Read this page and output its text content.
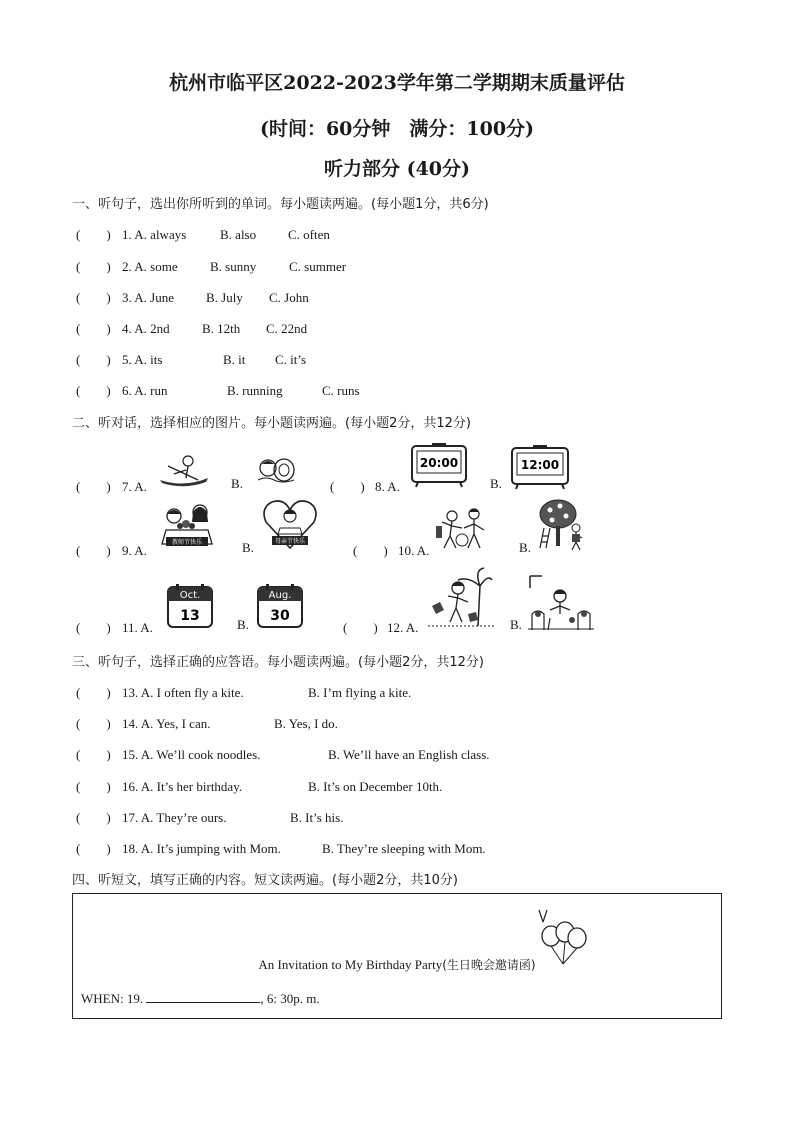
杭州市临平区2022-2023学年第二学期期末质量评估
(时间：60分钟　满分：100分)
听力部分 (40分)
一、听句子，选出你所听到的单词。每小题读两遍。(每小题1分，共6分)
(　　) 1. A. always	B. also C. often
(　　) 2. A. some B. sunny	C. summer
(　　) 3. A. June B. July C. John
(　　) 4. A. 2nd B. 12th C. 22nd
(　　) 5. A. its	B. it C. it’s
(　　) 6. A. run	B. running	C. runs
二、听对话，选择相应的图片。每小题读两遍。(每小题2分，共12分)
(　　) 7. A.	B.	(　　) 8. A.
20:00
B.
12:00
(　　) 9. A.
教师节快乐	B.	母亲节快乐
(　　) 10. A.	B.
(　　) 11. A.
Oct.
13
B.
Aug.
30
(　　) 12. A.	B.
三、听句子，选择正确的应答语。每小题读两遍。(每小题2分，共12分)
(　　) 13. A. I often fly a kite.	B. I’m flying a kite.
(　　) 14. A. Yes, I can.	B. Yes, I do.
(　　) 15. A. We’ll cook noodles.	B. We’ll have an English class.
(　　) 16. A. It’s her birthday.	B. It’s on December 10th.
(　　) 17. A. They’re ours.	B. It’s his.
(　　) 18. A. It’s jumping with Mom.	B. They’re sleeping with Mom.
四、听短文，填写正确的内容。短文读两遍。(每小题2分，共10分)
An Invitation to My Birthday Party(生日晚会邀请函)
WHEN: 19.	, 6: 30p. m.
